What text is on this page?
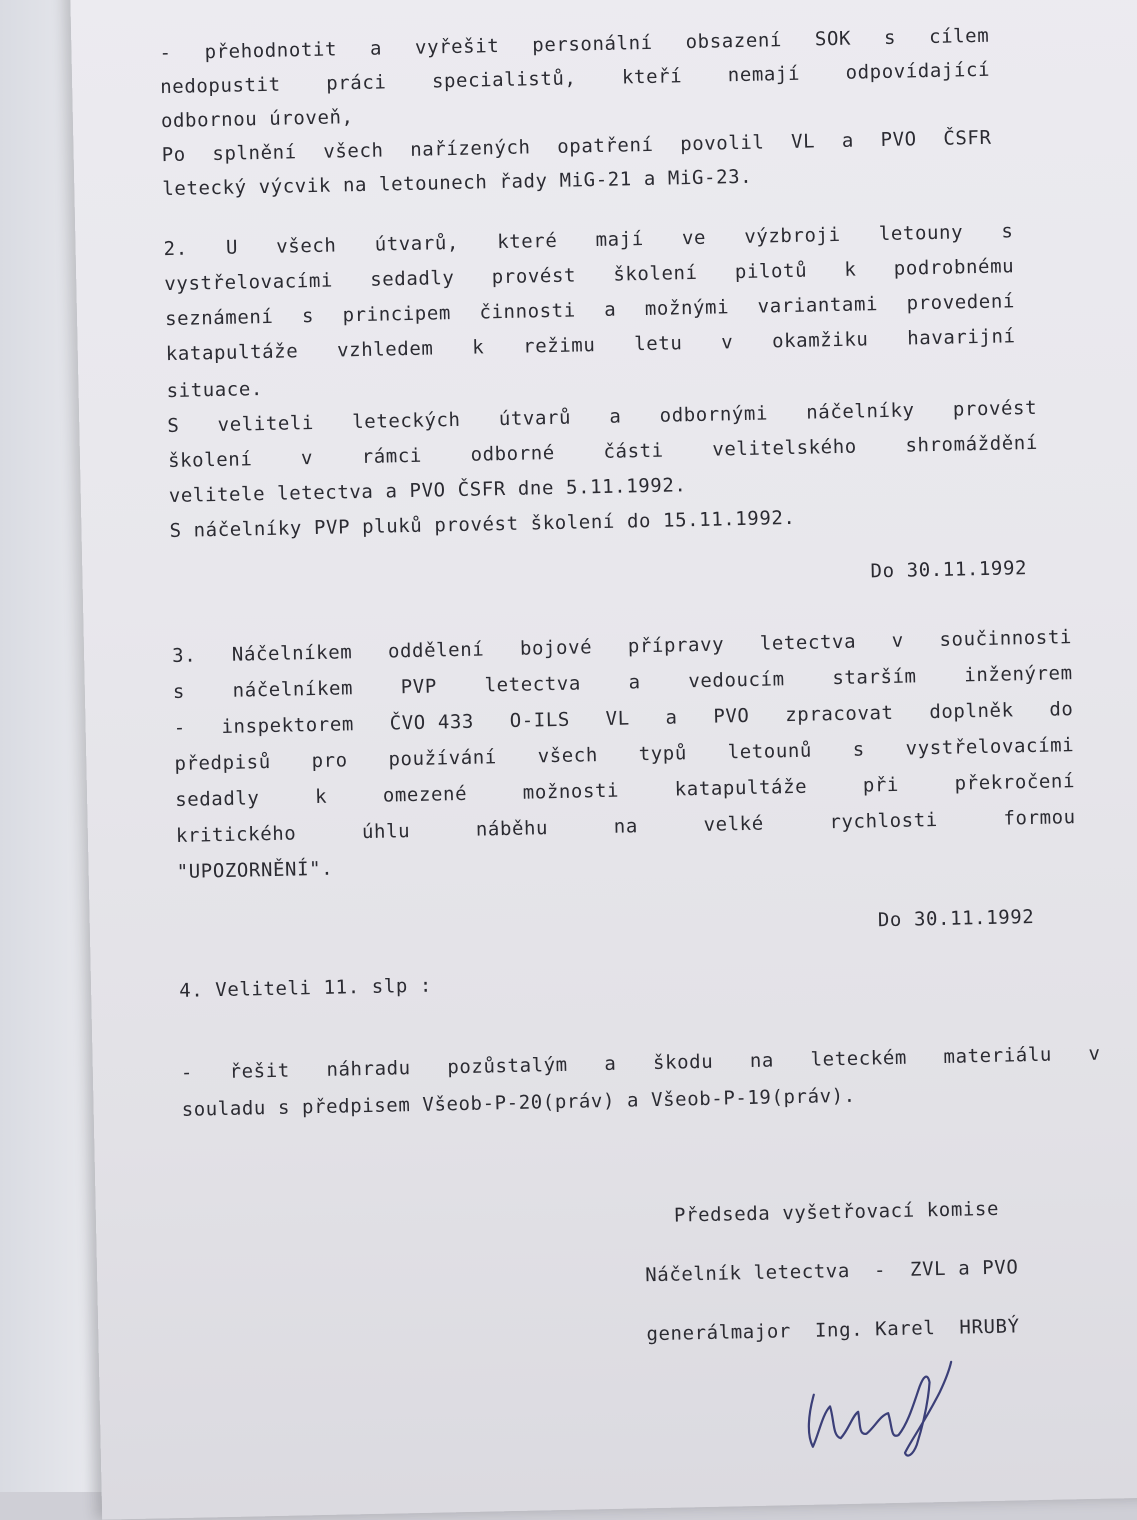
- přehodnotit a vyřešit personální obsazení SOK s cílem
nedopustit práci specialistů, kteří nemají odpovídající
odbornou úroveň,
Po splnění všech nařízených opatření povolil VL a PVO ČSFR
letecký výcvik na letounech řady MiG-21 a MiG-23.
2. U všech útvarů, které mají ve výzbroji letouny s
vystřelovacími sedadly provést školení pilotů k podrobnému
seznámení s principem činnosti a možnými variantami provedení
katapultáže vzhledem k režimu letu v okamžiku havarijní
situace.
S veliteli leteckých útvarů a odbornými náčelníky provést
školení	v	rámci	odborné	části	velitelského	shromáždění
velitele letectva a PVO ČSFR dne 5.11.1992.
S náčelníky PVP pluků provést školení do 15.11.1992.
Do 30.11.1992
3. Náčelníkem oddělení bojové přípravy letectva v součinnosti
s náčelníkem PVP letectva a vedoucím starším inženýrem
- inspektorem ČVO 433 O-ILS VL a PVO zpracovat doplněk do
předpisů pro používání všech typů letounů s vystřelovacími
sedadly	k	omezené	možnosti	katapultáže	při	překročení
kritického	úhlu	náběhu	na	velké	rychlosti	formou
"UPOZORNĚNÍ".
Do 30.11.1992
4. Veliteli 11. slp :
- řešit náhradu pozůstalým a škodu na leteckém materiálu v
souladu s předpisem Všeob-P-20(práv) a Všeob-P-19(práv).
Předseda vyšetřovací komise
Náčelník letectva  -  ZVL a PVO
generálmajor  Ing. Karel  HRUBÝ
